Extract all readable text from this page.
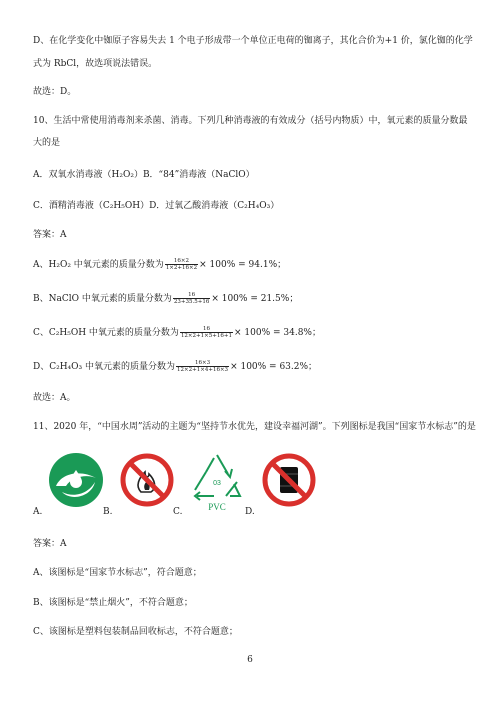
D、在化学变化中铷原子容易失去 1 个电子形成带一个单位正电荷的铷离子，其化合价为+1 价，氯化铷的化学
式为 RbCl，故选项说法错误。
故选：D。
10、生活中常使用消毒剂来杀菌、消毒。下列几种消毒液的有效成分（括号内物质）中，氧元素的质量分数最
大的是
A．双氧水消毒液（H₂O₂）B．“84”消毒液（NaClO）
C．酒精消毒液（C₂H₅OH）D．过氧乙酸消毒液（C₂H₄O₃）
答案：A
A、H₂O₂ 中氧元素的质量分数为 $\frac{16\times 2}{1\times 2+16\times 2} \times 100\% = 94.1\%$；
B、NaClO 中氧元素的质量分数为 $\frac{16}{23+35.5+16} \times 100\% = 21.5\%$；
C、C₂H₅OH 中氧元素的质量分数为 $\frac{16}{12\times 2+1\times 5+16+1} \times 100\% = 34.8\%$；
D、C₂H₄O₃ 中氧元素的质量分数为 $\frac{16\times 3}{12\times 2+1\times 4+16\times 3} \times 100\% = 63.2\%$；
故选：A。
11、2020 年，“中国水周”活动的主题为“坚持节水优先，建设幸福河湖”。下列图标是我国“国家节水标志”的是
A.	B.	C.
03
PVC D.
答案：A
A、该图标是“国家节水标志”，符合题意；
B、该图标是“禁止烟火”，不符合题意；
C、该图标是塑料包装制品回收标志，不符合题意；
6
